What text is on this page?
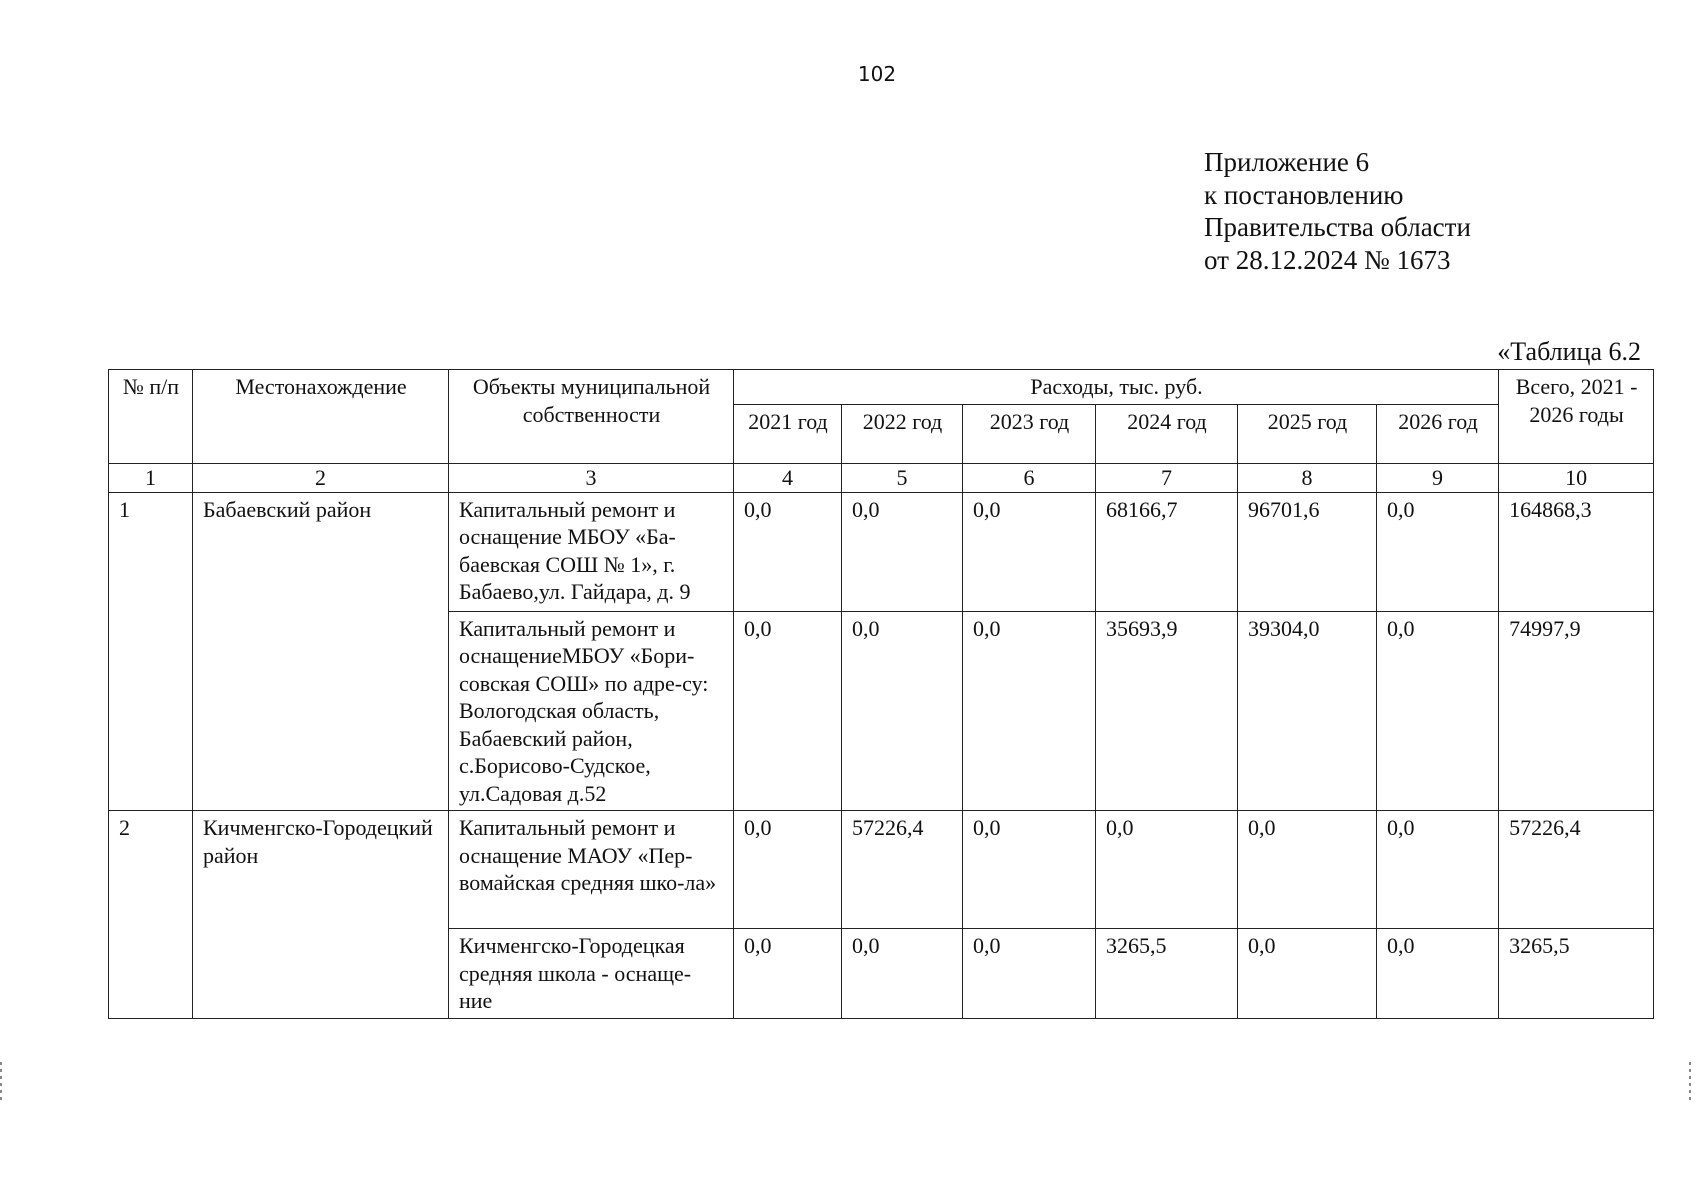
102
Приложение 6
к постановлению
Правительства области
от 28.12.2024 № 1673
«Таблица 6.2
№ п/п	Местонахождение	Объекты муниципальной собственности	Расходы, тыс. руб.						Всего, 2021 - 2026 годы
			2021 год	2022 год	2023 год	2024 год	2025 год	2026 год	
1	2	3	4	5	6	7	8	9	10
1	Бабаевский район	Капитальный ремонт и оснащение МБОУ «Ба-баевская СОШ № 1», г. Бабаево,ул. Гайдара, д. 9	0,0	0,0	0,0	68166,7	96701,6	0,0	164868,3
		Капитальный ремонт и оснащениеМБОУ «Бори-совская СОШ» по адре-су: Вологодская область, Бабаевский район, с.Борисово-Судское, ул.Садовая д.52	0,0	0,0	0,0	35693,9	39304,0	0,0	74997,9
2	Кичменгско-Городецкий район	Капитальный ремонт и оснащение МАОУ «Пер-вомайская средняя шко-ла»	0,0	57226,4	0,0	0,0	0,0	0,0	57226,4
		Кичменгско-Городецкая средняя школа - оснаще-ние	0,0	0,0	0,0	3265,5	0,0	0,0	3265,5
